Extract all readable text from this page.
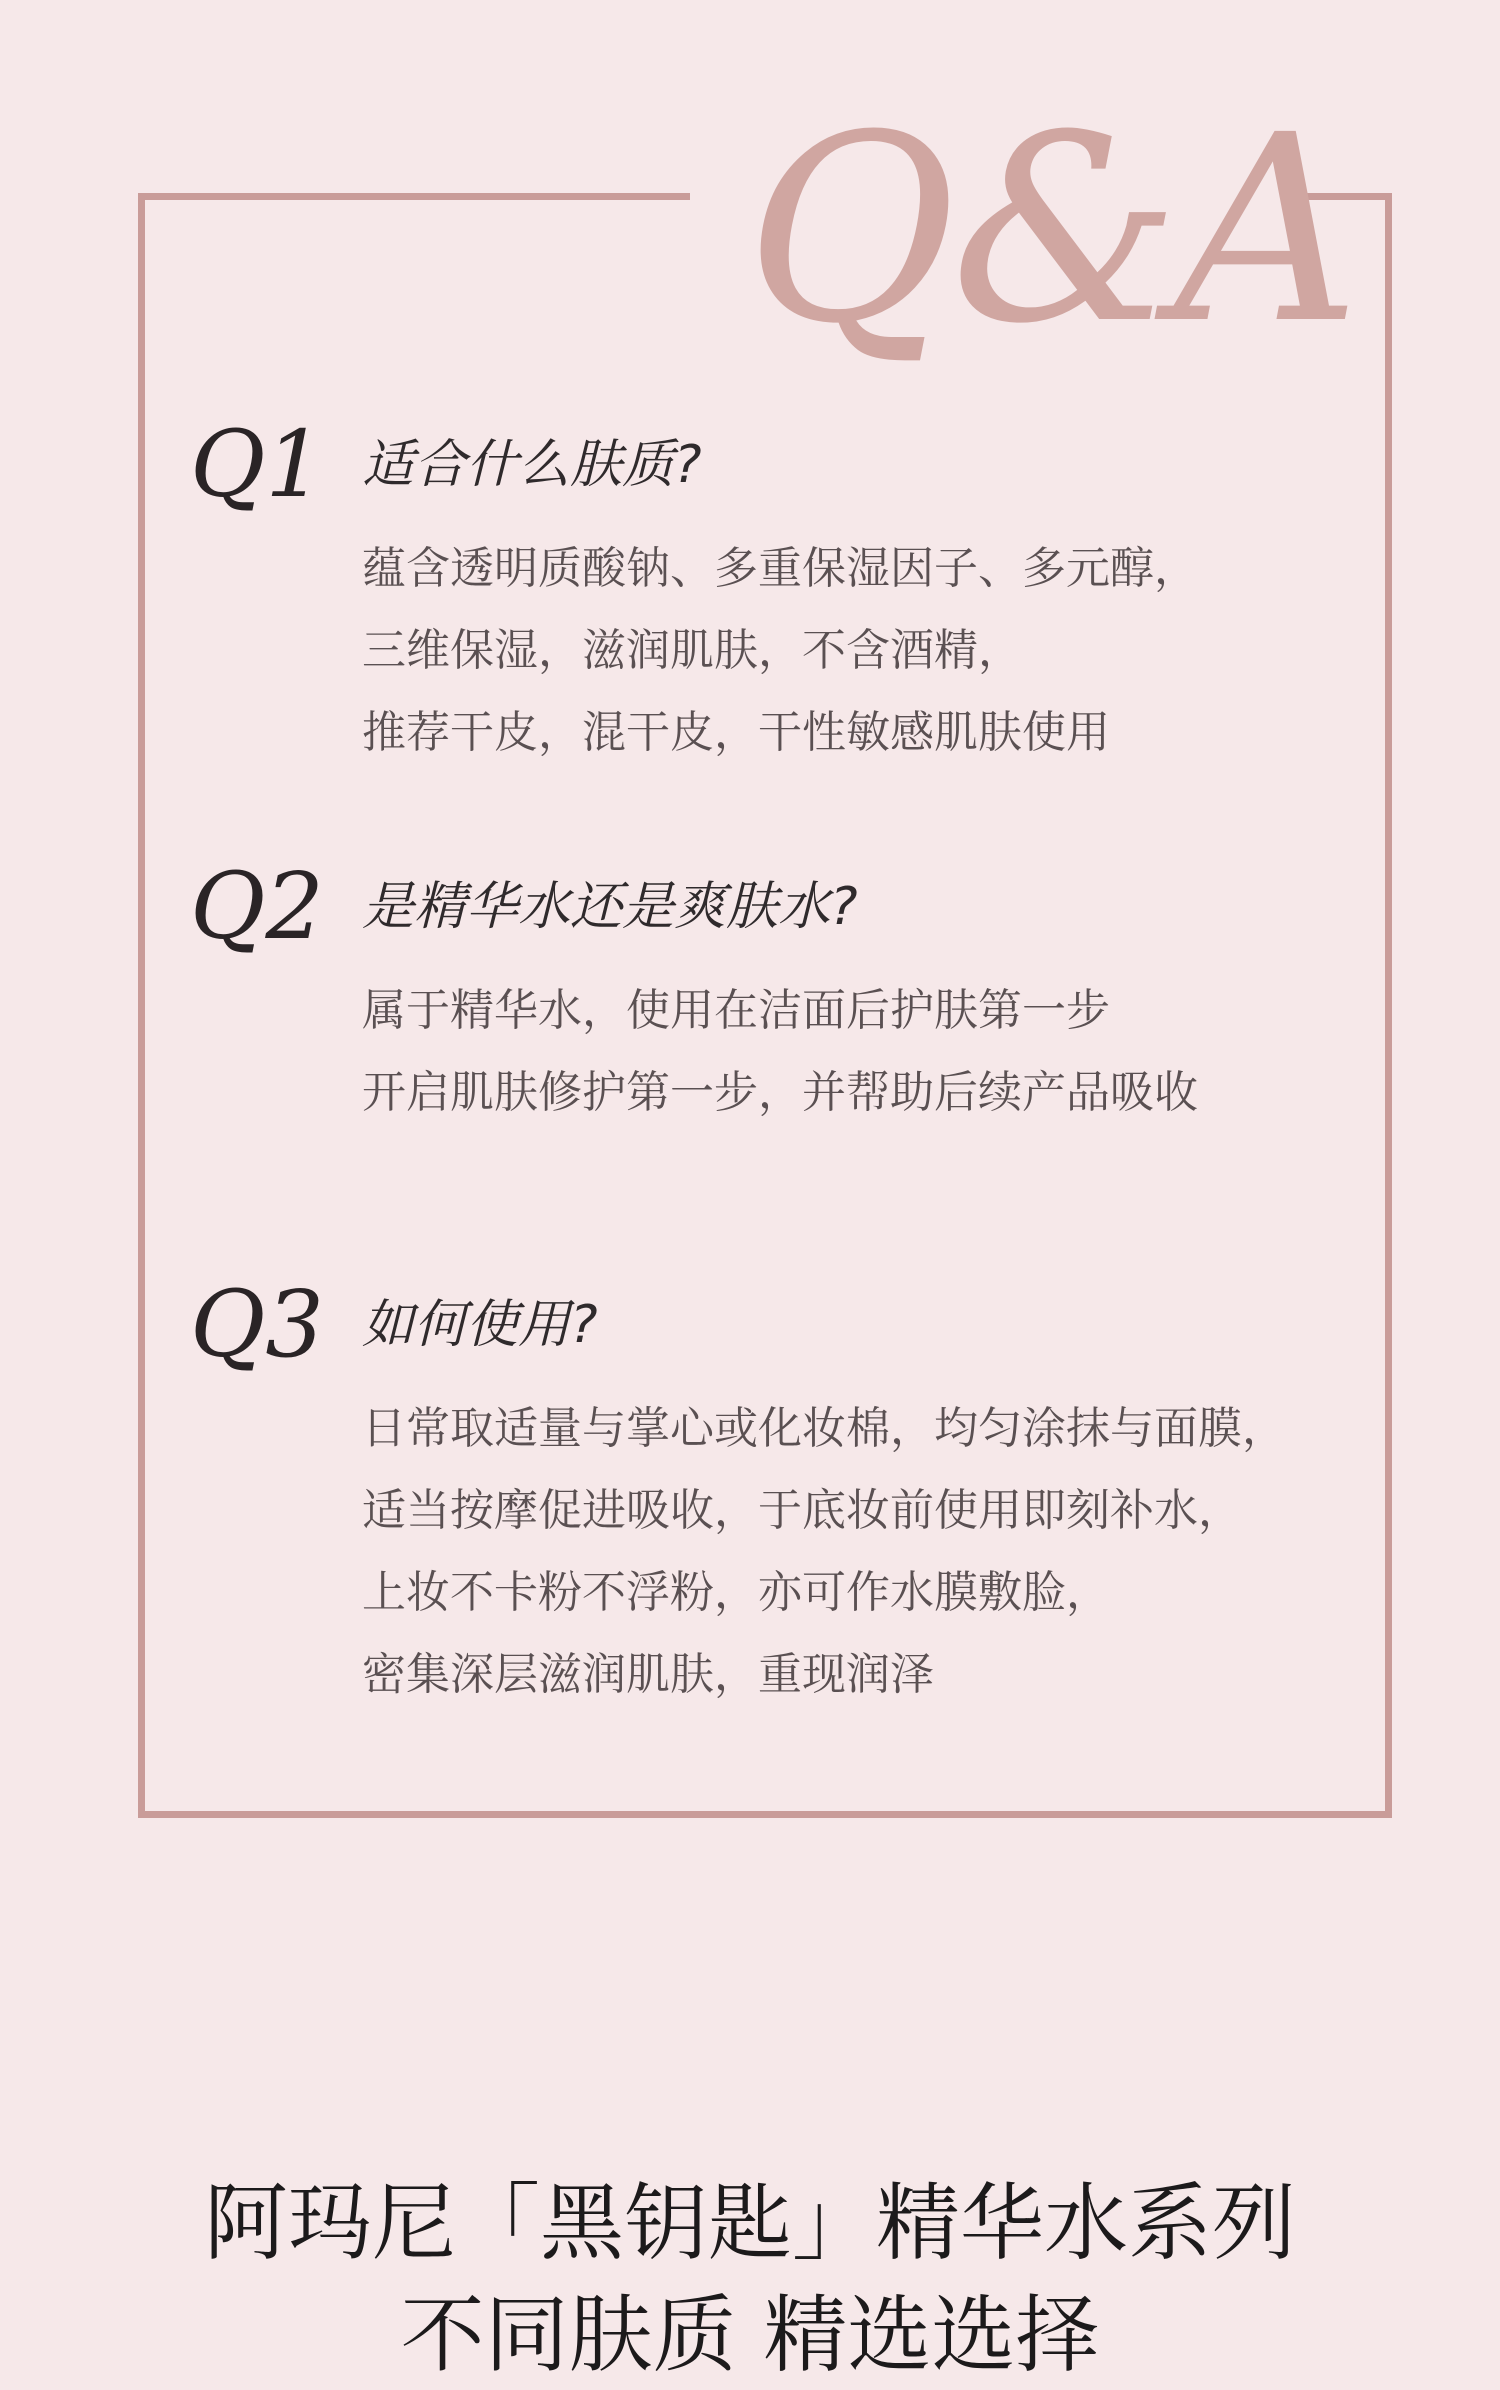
Q&A
Q1 适合什么肤质?
蕴含透明质酸钠、多重保湿因子、多元醇，
三维保湿，滋润肌肤，不含酒精，
推荐干皮，混干皮，干性敏感肌肤使用
Q2 是精华水还是爽肤水?
属于精华水，使用在洁面后护肤第一步
开启肌肤修护第一步，并帮助后续产品吸收
Q3 如何使用?
日常取适量与掌心或化妆棉，均匀涂抹与面膜，
适当按摩促进吸收，于底妆前使用即刻补水，
上妆不卡粉不浮粉，亦可作水膜敷脸，
密集深层滋润肌肤，重现润泽
阿玛尼「黑钥匙」精华水系列
不同肤质 精选选择
